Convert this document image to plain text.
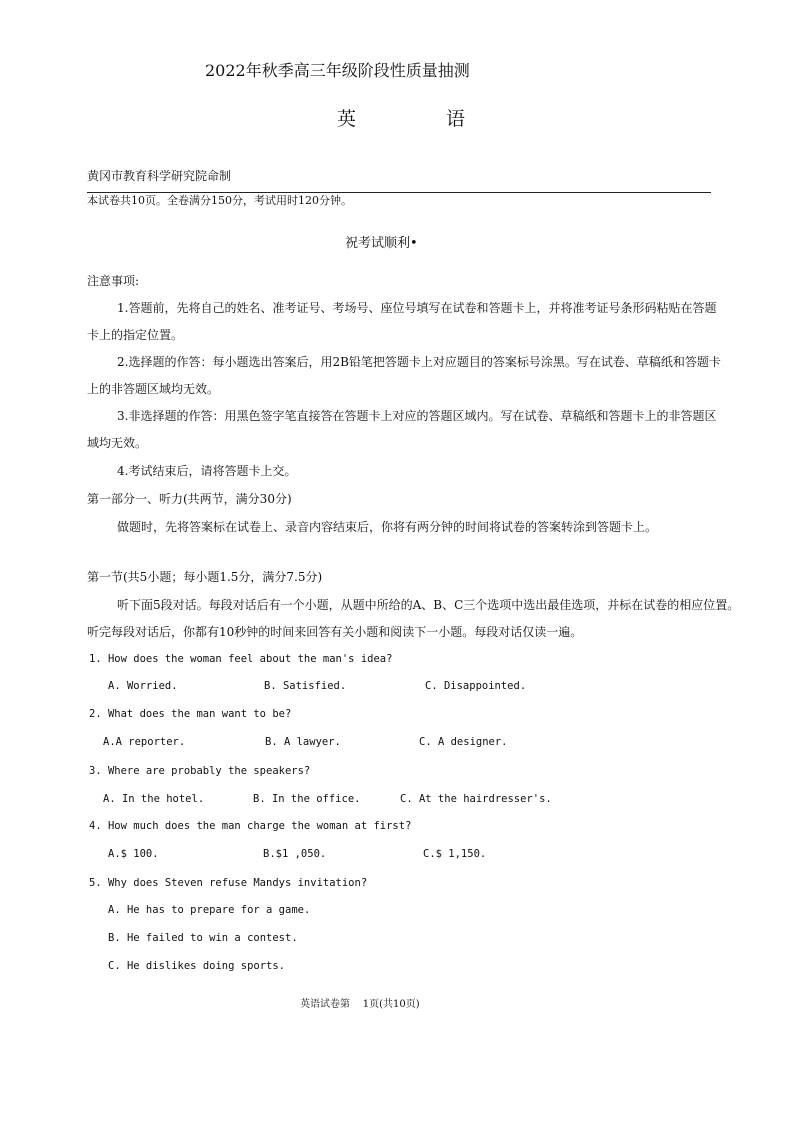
2022年秋季高三年级阶段性质量抽测
英	语
黄冈市教育科学研究院命制
本试卷共10页。全卷满分150分，考试用时120分钟。
祝考试顺利•
注意事项:
1.答题前，先将自己的姓名、准考证号、考场号、座位号填写在试卷和答题卡上，并将准考证号条形码粘贴在答题
卡上的指定位置。
2.选择题的作答：每小题选出答案后，用2B铅笔把答题卡上对应题目的答案标号涂黑。写在试卷、草稿纸和答题卡
上的非答题区域均无效。
3.非选择题的作答：用黑色签字笔直接答在答题卡上对应的答题区域内。写在试卷、草稿纸和答题卡上的非答题区
域均无效。
4.考试结束后，请将答题卡上交。
第一部分一、听力(共两节，满分30分)
做题时，先将答案标在试卷上、录音内容结束后，你将有两分钟的时间将试卷的答案转涂到答题卡上。
第一节(共5小题；每小题1.5分，满分7.5分)
听下面5段对话。每段对话后有一个小题，从题中所给的A、B、C三个选项中选出最佳选项，并标在试卷的相应位置。
听完每段对话后，你都有10秒钟的时间来回答有关小题和阅读下一小题。每段对话仅读一遍。
1. How does the woman feel about the man's idea?
A. Worried.	B. Satisfied.	C. Disappointed.
2. What does the man want to be?
A.A reporter.	B. A lawyer.	C. A designer.
3. Where are probably the speakers?
A. In the hotel.	B. In the office.	C. At the hairdresser's.
4. How much does the man charge the woman at first?
A.$ 100.	B.$1 ,050.	C.$ 1,150.
5. Why does Steven refuse Mandys invitation?
A. He has to prepare for a game.
B. He failed to win a contest.
C. He dislikes doing sports.
英语试卷第    1页(共10页)
